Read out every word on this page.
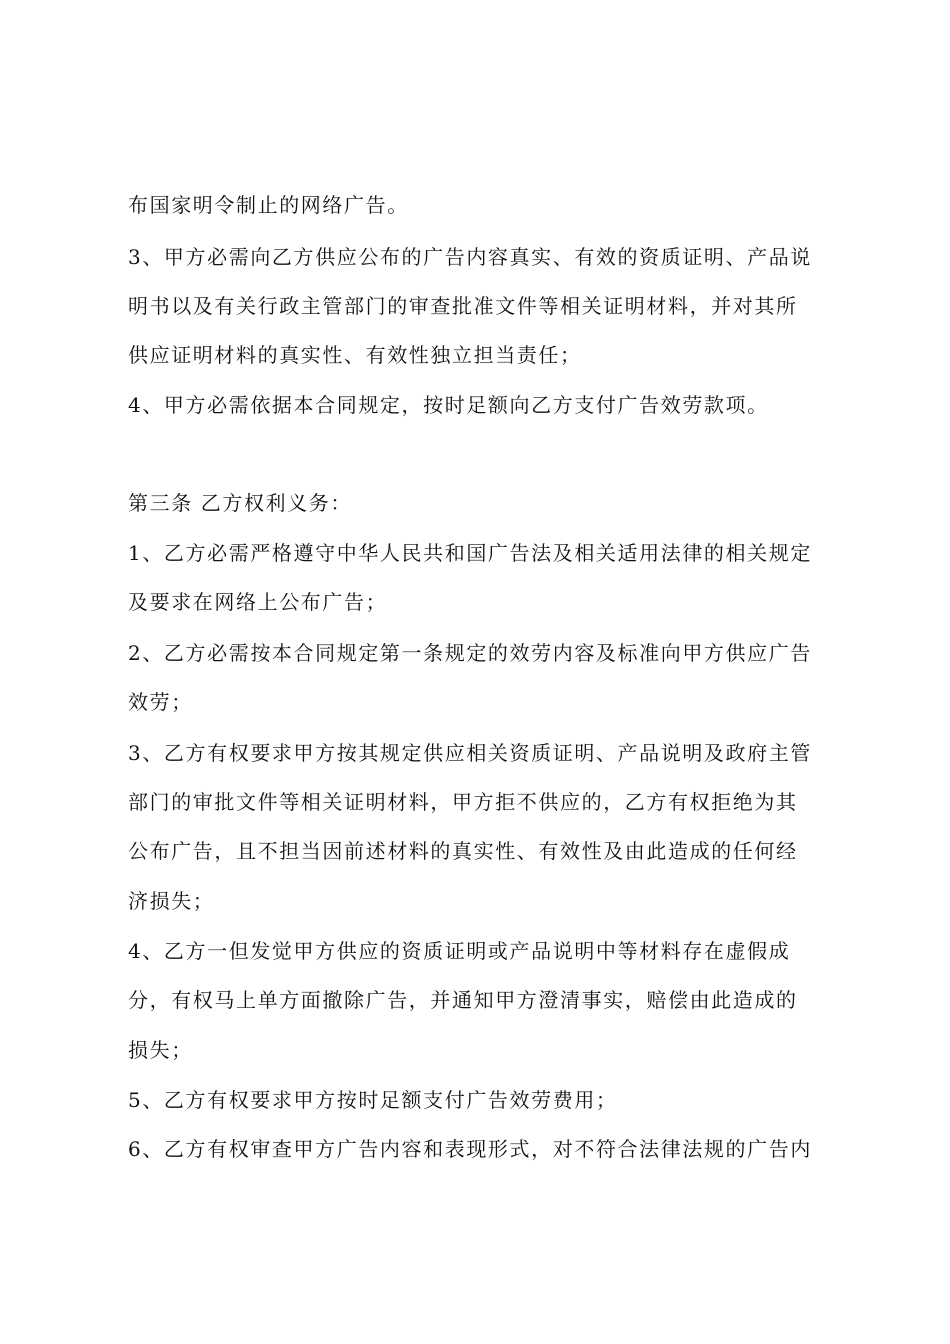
布国家明令制止的网络广告。
3、甲方必需向乙方供应公布的广告内容真实、有效的资质证明、产品说
明书以及有关行政主管部门的审查批准文件等相关证明材料，并对其所
供应证明材料的真实性、有效性独立担当责任；
4、甲方必需依据本合同规定，按时足额向乙方支付广告效劳款项。
第三条 乙方权利义务：
1、乙方必需严格遵守中华人民共和国广告法及相关适用法律的相关规定
及要求在网络上公布广告；
2、乙方必需按本合同规定第一条规定的效劳内容及标准向甲方供应广告
效劳；
3、乙方有权要求甲方按其规定供应相关资质证明、产品说明及政府主管
部门的审批文件等相关证明材料，甲方拒不供应的，乙方有权拒绝为其
公布广告，且不担当因前述材料的真实性、有效性及由此造成的任何经
济损失；
4、乙方一但发觉甲方供应的资质证明或产品说明中等材料存在虚假成
分，有权马上单方面撤除广告，并通知甲方澄清事实，赔偿由此造成的
损失；
5、乙方有权要求甲方按时足额支付广告效劳费用；
6、乙方有权审查甲方广告内容和表现形式，对不符合法律法规的广告内
